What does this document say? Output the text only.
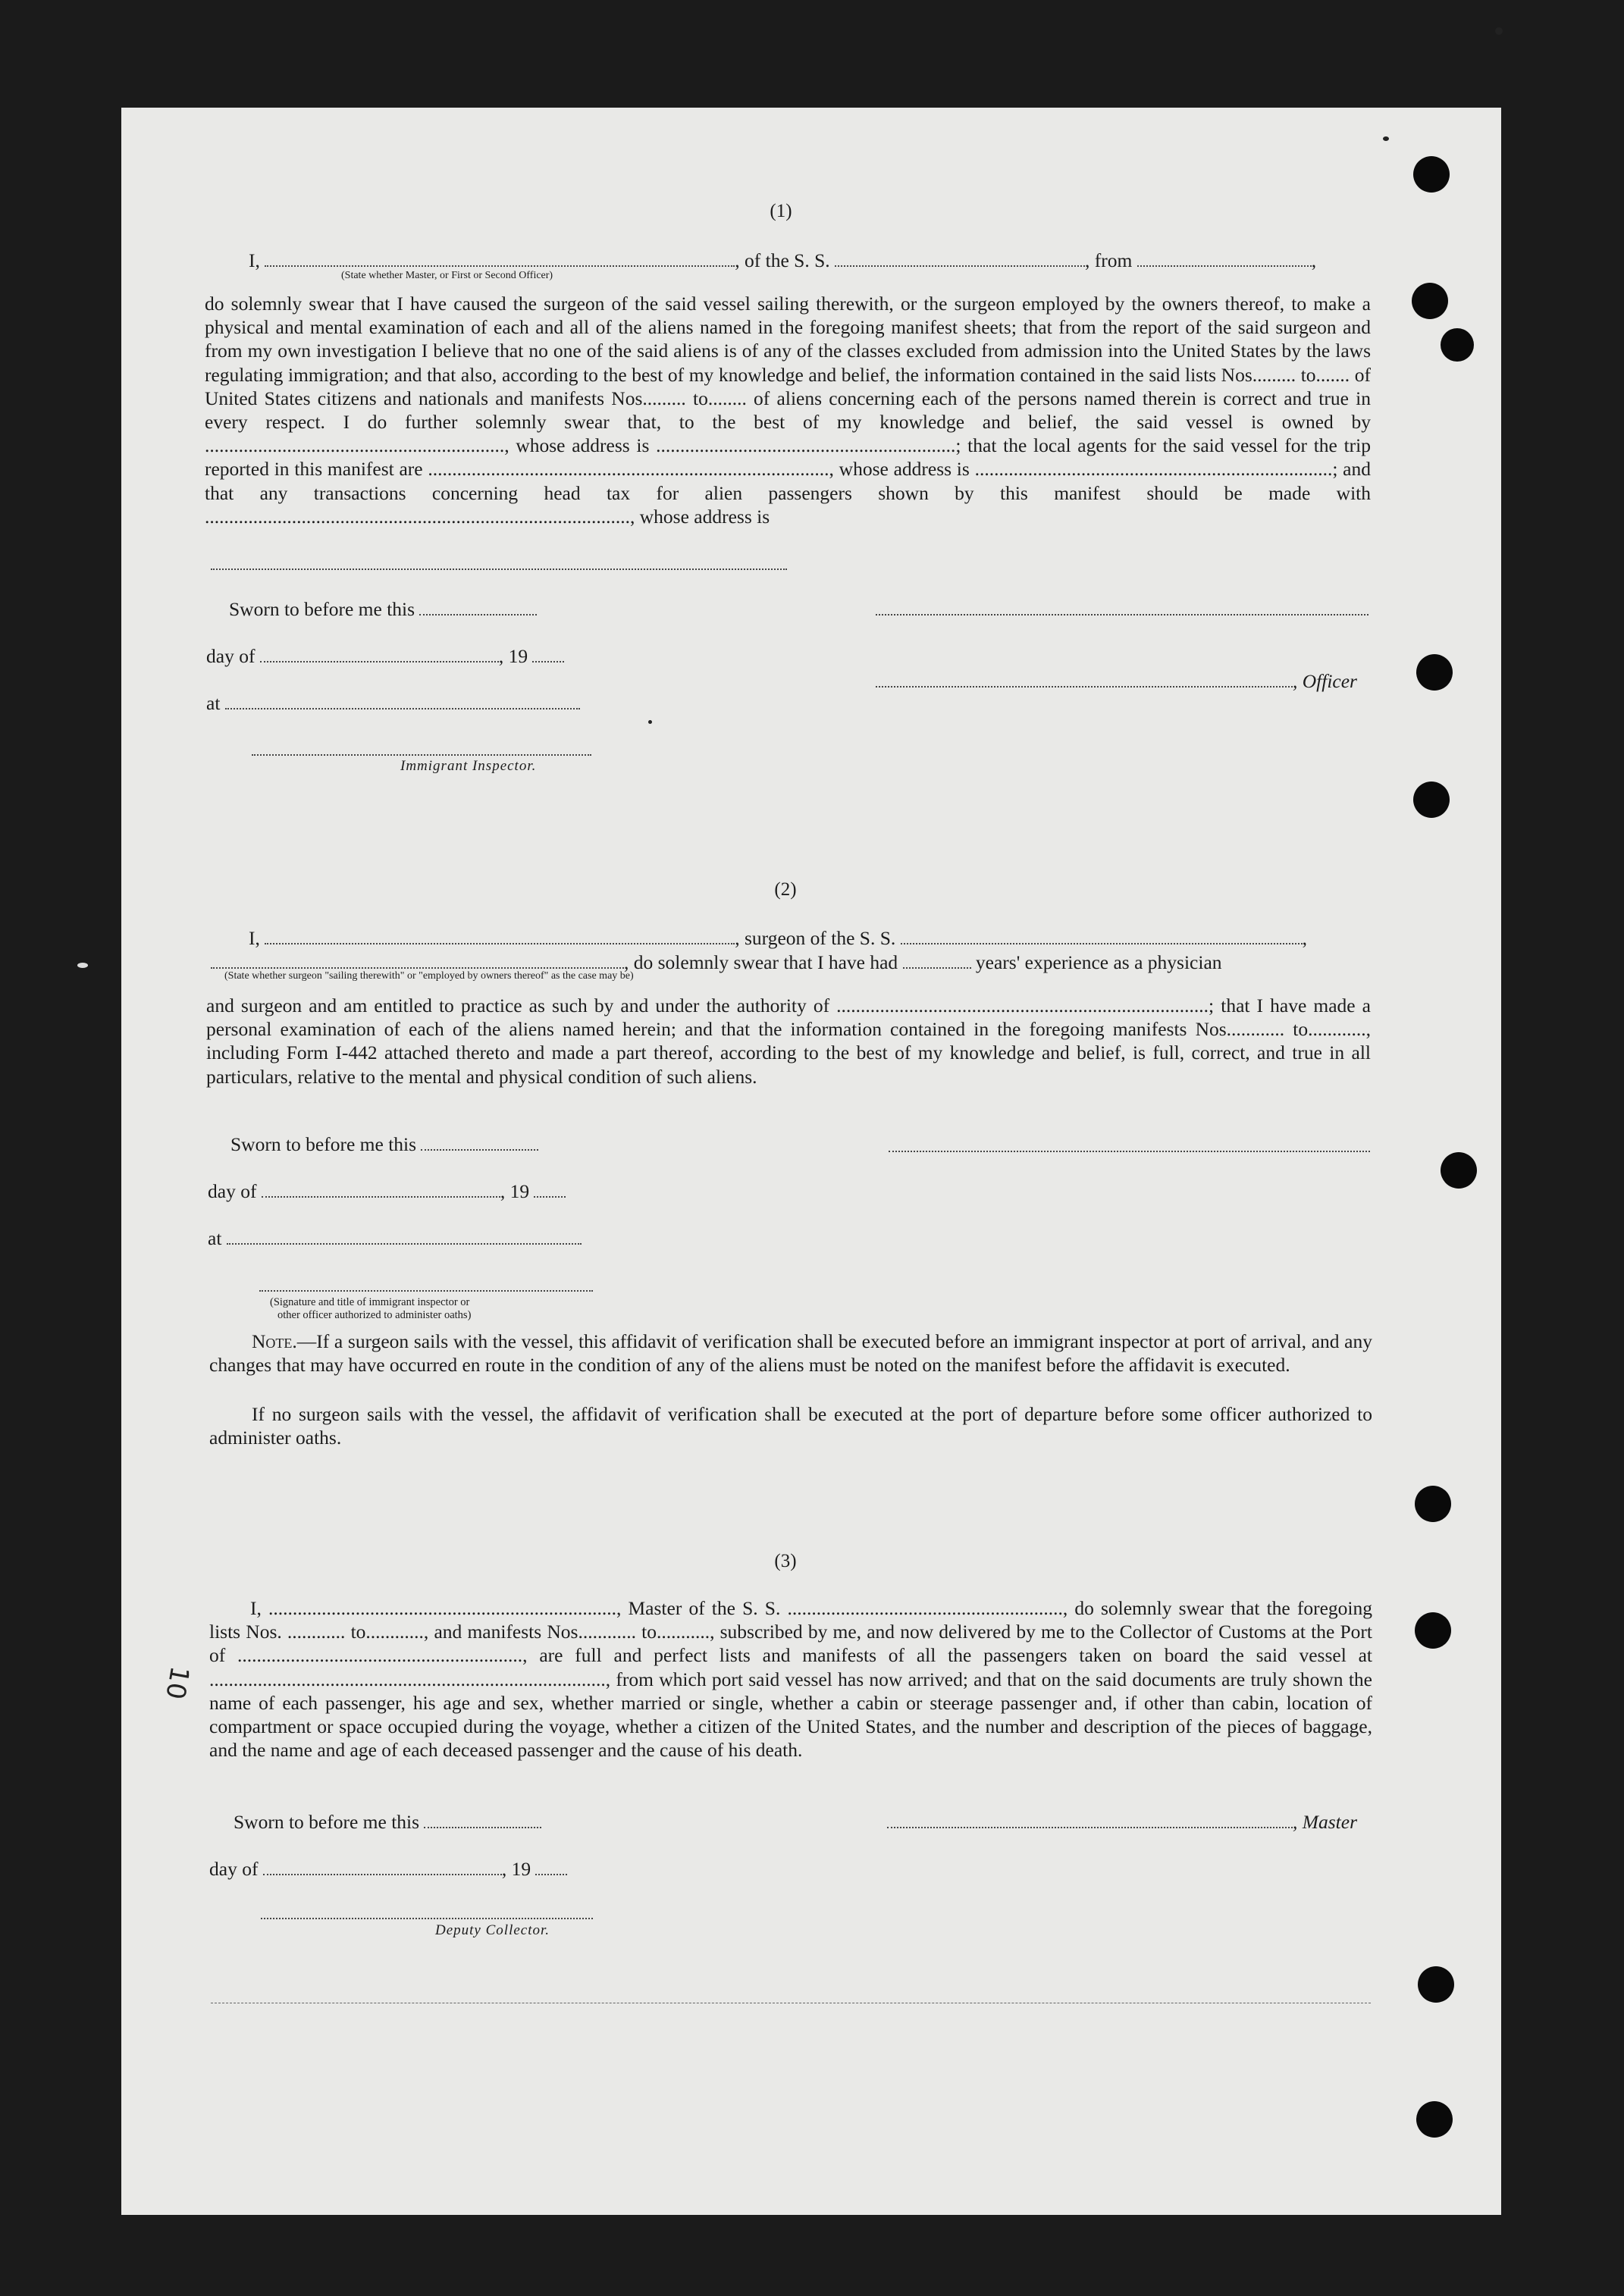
(1)
I,	, of the S. S.	, from	,
(State whether Master, or First or Second Officer)
do solemnly swear that I have caused the surgeon of the said vessel sailing therewith, or the surgeon employed by the owners thereof, to make a physical and mental examination of each and all of the aliens named in the foregoing manifest sheets; that from the report of the said surgeon and from my own investigation I believe that no one of the said aliens is of any of the classes excluded from admission into the United States by the laws regulating immigration; and that also, according to the best of my knowledge and belief, the information contained in the said lists Nos......... to....... of United States citizens and nationals and manifests Nos......... to........ of aliens concerning each of the persons named therein is correct and true in every respect. I do further solemnly swear that, to the best of my knowledge and belief, the said vessel is owned by .............................................................., whose address is ..............................................................; that the local agents for the said vessel for the trip reported in this manifest are ..................................................................................., whose address is ..........................................................................; and that any transactions concerning head tax for alien passengers shown by this manifest should be made with ........................................................................................, whose address is
Sworn to before me this
day of	, 19
, Officer
at
Immigrant Inspector.
(2)
I,	, surgeon of the S. S.	,
, do solemnly swear that I have had	years' experience as a physician
(State whether surgeon "sailing therewith" or "employed by owners thereof" as the case may be)
and surgeon and am entitled to practice as such by and under the authority of .............................................................................; that I have made a personal examination of each of the aliens named herein; and that the information contained in the foregoing manifests Nos............ to............, including Form I-442 attached thereto and made a part thereof, according to the best of my knowledge and belief, is full, correct, and true in all particulars, relative to the mental and physical condition of such aliens.
Sworn to before me this
day of	, 19
at
(Signature and title of immigrant inspector or
other officer authorized to administer oaths)
Note.—If a surgeon sails with the vessel, this affidavit of verification shall be executed before an immigrant inspector at port of arrival, and any changes that may have occurred en route in the condition of any of the aliens must be noted on the manifest before the affidavit is executed.
If no surgeon sails with the vessel, the affidavit of verification shall be executed at the port of departure before some officer authorized to administer oaths.
(3)
I, ........................................................................, Master of the S. S. ........................................................., do solemnly swear that the foregoing lists Nos. ............ to............, and manifests Nos............ to..........., subscribed by me, and now delivered by me to the Collector of Customs at the Port of ..........................................................., are full and perfect lists and manifests of all the passengers taken on board the said vessel at .................................................................................., from which port said vessel has now arrived; and that on the said documents are truly shown the name of each passenger, his age and sex, whether married or single, whether a cabin or steerage passenger and, if other than cabin, location of compartment or space occupied during the voyage, whether a citizen of the United States, and the number and description of the pieces of baggage, and the name and age of each deceased passenger and the cause of his death.
Sworn to before me this	, Master
day of	, 19
Deputy Collector.
10
